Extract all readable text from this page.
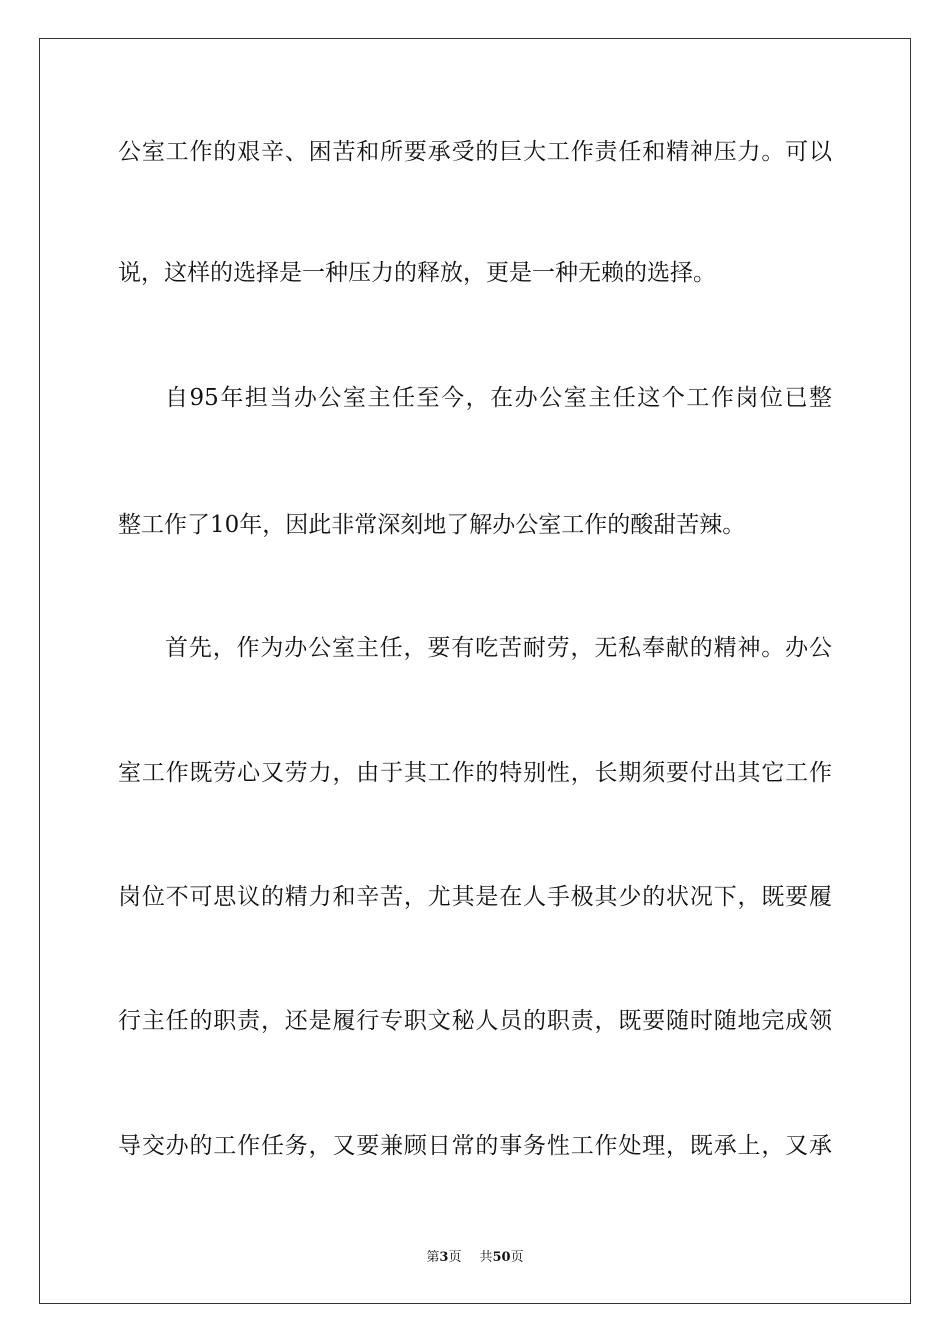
公室工作的艰辛、困苦和所要承受的巨大工作责任和精神压力。可以
说，这样的选择是一种压力的释放，更是一种无赖的选择。
自95年担当办公室主任至今，在办公室主任这个工作岗位已整
整工作了10年，因此非常深刻地了解办公室工作的酸甜苦辣。
首先，作为办公室主任，要有吃苦耐劳，无私奉献的精神。办公
室工作既劳心又劳力，由于其工作的特别性，长期须要付出其它工作
岗位不可思议的精力和辛苦，尤其是在人手极其少的状况下，既要履
行主任的职责，还是履行专职文秘人员的职责，既要随时随地完成领
导交办的工作任务，又要兼顾日常的事务性工作处理，既承上，又承
第3页 共50页
